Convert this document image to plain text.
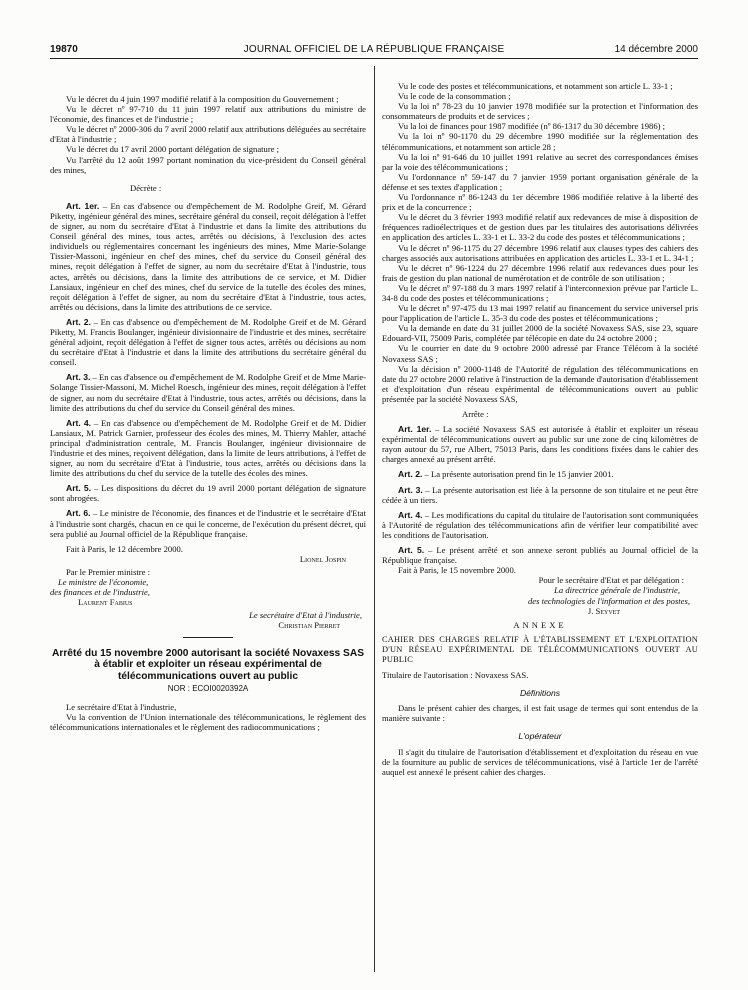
19870	JOURNAL OFFICIEL DE LA RÉPUBLIQUE FRANÇAISE	14 décembre 2000

Vu le décret du 4 juin 1997 modifié relatif à la composition du Gouvernement ;

Vu le décret nº 97-710 du 11 juin 1997 relatif aux attributions du ministre de l'économie, des finances et de l'industrie ;

Vu le décret nº 2000-306 du 7 avril 2000 relatif aux attributions déléguées au secrétaire d'Etat à l'industrie ;

Vu le décret du 17 avril 2000 portant délégation de signature ;

Vu l'arrêté du 12 août 1997 portant nomination du vice-président du Conseil général des mines,

Décrète :

Art. 1er. – En cas d'absence ou d'empêchement de M. Rodolphe Greif, M. Gérard Piketty, ingénieur général des mines, secrétaire général du conseil, reçoit délégation à l'effet de signer, au nom du secrétaire d'Etat à l'industrie et dans la limite des attributions du Conseil général des mines, tous actes, arrêtés ou décisions, à l'exclusion des actes individuels ou réglementaires concernant les ingénieurs des mines, Mme Marie-Solange Tissier-Massoni, ingénieur en chef des mines, chef du service du Conseil général des mines, reçoit délégation à l'effet de signer, au nom du secrétaire d'Etat à l'industrie, tous actes, arrêtés ou décisions, dans la limite des attributions de ce service, et M. Didier Lansiaux, ingénieur en chef des mines, chef du service de la tutelle des écoles des mines, reçoit délégation à l'effet de signer, au nom du secrétaire d'Etat à l'industrie, tous actes, arrêtés ou décisions, dans la limite des attributions de ce service.

Art. 2. – En cas d'absence ou d'empêchement de M. Rodolphe Greif et de M. Gérard Piketty, M. Francis Boulanger, ingénieur divisionnaire de l'industrie et des mines, secrétaire général adjoint, reçoit délégation à l'effet de signer tous actes, arrêtés ou décisions au nom du secrétaire d'Etat à l'industrie et dans la limite des attributions du secrétaire général du conseil.

Art. 3. – En cas d'absence ou d'empêchement de M. Rodolphe Greif et de Mme Marie-Solange Tissier-Massoni, M. Michel Roesch, ingénieur des mines, reçoit délégation à l'effet de signer, au nom du secrétaire d'Etat à l'industrie, tous actes, arrêtés ou décisions, dans la limite des attributions du chef du service du Conseil général des mines.

Art. 4. – En cas d'absence ou d'empêchement de M. Rodolphe Greif et de M. Didier Lansiaux, M. Patrick Garnier, professeur des écoles des mines, M. Thierry Mahler, attaché principal d'administration centrale, M. Francis Boulanger, ingénieur divisionnaire de l'industrie et des mines, reçoivent délégation, dans la limite de leurs attributions, à l'effet de signer, au nom du secrétaire d'Etat à l'industrie, tous actes, arrêtés ou décisions dans la limite des attributions du chef du service de la tutelle des écoles des mines.

Art. 5. – Les dispositions du décret du 19 avril 2000 portant délégation de signature sont abrogées.

Art. 6. – Le ministre de l'économie, des finances et de l'industrie et le secrétaire d'Etat à l'industrie sont chargés, chacun en ce qui le concerne, de l'exécution du présent décret, qui sera publié au Journal officiel de la République française.

Fait à Paris, le 12 décembre 2000.

Lionel Jospin

Par le Premier ministre :

Le ministre de l'économie,

des finances et de l'industrie,

Laurent Fabius

Le secrétaire d'Etat à l'industrie,

Christian Pierret

Arrêté du 15 novembre 2000 autorisant la société Novaxess SAS à établir et exploiter un réseau expérimental de télécommunications ouvert au public

NOR : ECOI0020392A

Le secrétaire d'Etat à l'industrie,

Vu la convention de l'Union internationale des télécommunications, le règlement des télécommunications internationales et le règlement des radiocommunications ;

Vu le code des postes et télécommunications, et notamment son article L. 33-1 ;

Vu le code de la consommation ;

Vu la loi nº 78-23 du 10 janvier 1978 modifiée sur la protection et l'information des consommateurs de produits et de services ;

Vu la loi de finances pour 1987 modifiée (nº 86-1317 du 30 décembre 1986) ;

Vu la loi nº 90-1170 du 29 décembre 1990 modifiée sur la réglementation des télécommunications, et notamment son article 28 ;

Vu la loi nº 91-646 du 10 juillet 1991 relative au secret des correspondances émises par la voie des télécommunications ;

Vu l'ordonnance nº 59-147 du 7 janvier 1959 portant organisation générale de la défense et ses textes d'application ;

Vu l'ordonnance nº 86-1243 du 1er décembre 1986 modifiée relative à la liberté des prix et de la concurrence ;

Vu le décret du 3 février 1993 modifié relatif aux redevances de mise à disposition de fréquences radioélectriques et de gestion dues par les titulaires des autorisations délivrées en application des articles L. 33-1 et L. 33-2 du code des postes et télécommunications ;

Vu le décret nº 96-1175 du 27 décembre 1996 relatif aux clauses types des cahiers des charges associés aux autorisations attribuées en application des articles L. 33-1 et L. 34-1 ;

Vu le décret nº 96-1224 du 27 décembre 1996 relatif aux redevances dues pour les frais de gestion du plan national de numérotation et de contrôle de son utilisation ;

Vu le décret nº 97-188 du 3 mars 1997 relatif à l'interconnexion prévue par l'article L. 34-8 du code des postes et télécommunications ;

Vu le décret nº 97-475 du 13 mai 1997 relatif au financement du service universel pris pour l'application de l'article L. 35-3 du code des postes et télécommunications ;

Vu la demande en date du 31 juillet 2000 de la société Novaxess SAS, sise 23, square Edouard-VII, 75009 Paris, complétée par télécopie en date du 24 octobre 2000 ;

Vu le courrier en date du 9 octobre 2000 adressé par France Télécom à la société Novaxess SAS ;

Vu la décision nº 2000-1148 de l'Autorité de régulation des télécommunications en date du 27 octobre 2000 relative à l'instruction de la demande d'autorisation d'établissement et d'exploitation d'un réseau expérimental de télécommunications ouvert au public présentée par la société Novaxess SAS,

Arrête :

Art. 1er. – La société Novaxess SAS est autorisée à établir et exploiter un réseau expérimental de télécommunications ouvert au public sur une zone de cinq kilomètres de rayon autour du 57, rue Albert, 75013 Paris, dans les conditions fixées dans le cahier des charges annexé au présent arrêté.

Art. 2. – La présente autorisation prend fin le 15 janvier 2001.

Art. 3. – La présente autorisation est liée à la personne de son titulaire et ne peut être cédée à un tiers.

Art. 4. – Les modifications du capital du titulaire de l'autorisation sont communiquées à l'Autorité de régulation des télécommunications afin de vérifier leur compatibilité avec les conditions de l'autorisation.

Art. 5. – Le présent arrêté et son annexe seront publiés au Journal officiel de la République française.

Fait à Paris, le 15 novembre 2000.

Pour le secrétaire d'Etat et par délégation :

La directrice générale de l'industrie,

des technologies de l'information et des postes,

J. Seyvet

ANNEXE

CAHIER DES CHARGES RELATIF À L'ÉTABLISSEMENT ET L'EXPLOITATION D'UN RÉSEAU EXPÉRIMENTAL DE TÉLÉCOMMUNICATIONS OUVERT AU PUBLIC

Titulaire de l'autorisation : Novaxess SAS.

Définitions

Dans le présent cahier des charges, il est fait usage de termes qui sont entendus de la manière suivante :

L'opérateur

Il s'agit du titulaire de l'autorisation d'établissement et d'exploitation du réseau en vue de la fourniture au public de services de télécommunications, visé à l'article 1er de l'arrêté auquel est annexé le présent cahier des charges.
